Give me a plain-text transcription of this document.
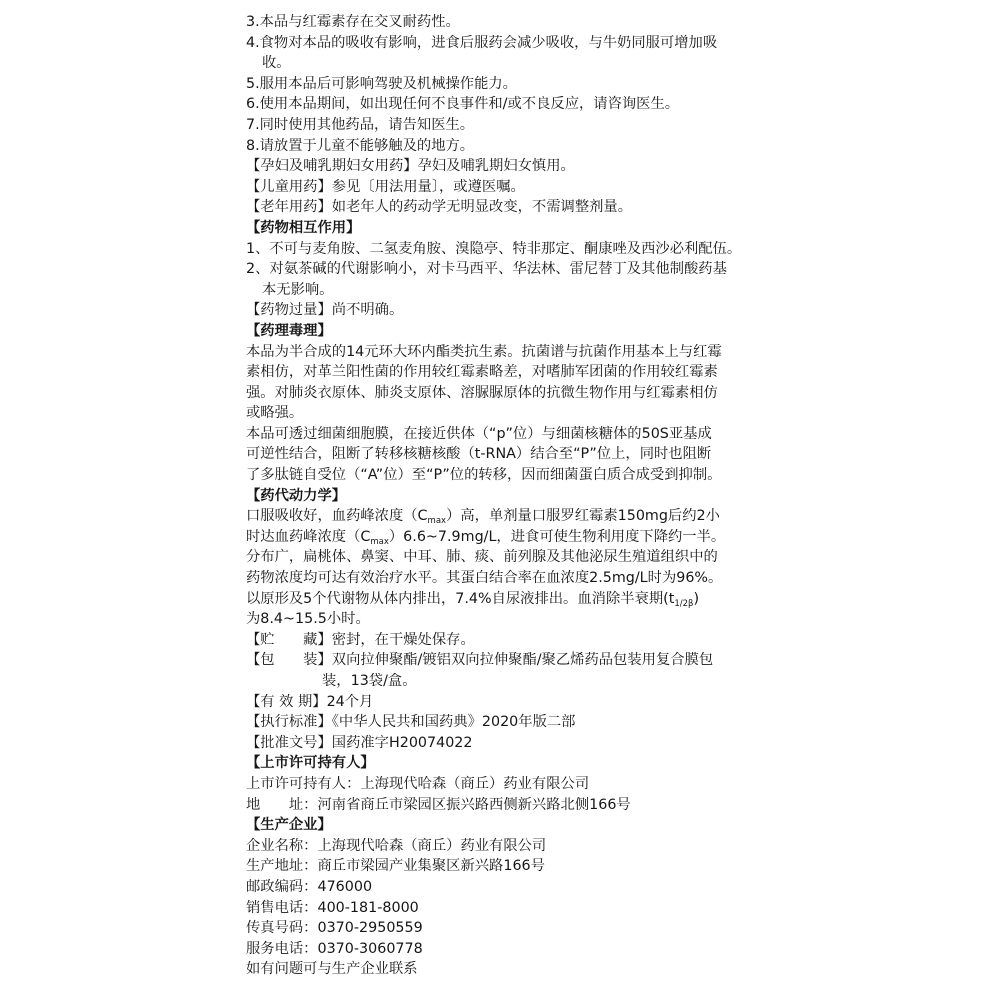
3.本品与红霉素存在交叉耐药性。
4.食物对本品的吸收有影响，进食后服药会减少吸收，与牛奶同服可增加吸
收。
5.服用本品后可影响驾驶及机械操作能力。
6.使用本品期间，如出现任何不良事件和/或不良反应，请咨询医生。
7.同时使用其他药品，请告知医生。
8.请放置于儿童不能够触及的地方。
【孕妇及哺乳期妇女用药】孕妇及哺乳期妇女慎用。
【儿童用药】参见〔用法用量〕，或遵医嘱。
【老年用药】如老年人的药动学无明显改变，不需调整剂量。
【药物相互作用】
1、不可与麦角胺、二氢麦角胺、溴隐亭、特非那定、酮康唑及西沙必利配伍。
2、对氨茶碱的代谢影响小，对卡马西平、华法林、雷尼替丁及其他制酸药基
本无影响。
【药物过量】尚不明确。
【药理毒理】
本品为半合成的14元环大环内酯类抗生素。抗菌谱与抗菌作用基本上与红霉
素相仿，对革兰阳性菌的作用较红霉素略差，对嗜肺军团菌的作用较红霉素
强。对肺炎衣原体、肺炎支原体、溶脲脲原体的抗微生物作用与红霉素相仿
或略强。
本品可透过细菌细胞膜，在接近供体（“p”位）与细菌核糖体的50S亚基成
可逆性结合，阻断了转移核糖核酸（t-RNA）结合至“P”位上，同时也阻断
了多肽链自受位（“A”位）至“P”位的转移，因而细菌蛋白质合成受到抑制。
【药代动力学】
口服吸收好，血药峰浓度$(C_{max})$高，单剂量口服罗红霉素150mg后约2小
时达血药峰浓度$(C_{max})6.6\sim 7.9mg/L$，进食可使生物利用度下降约一半。
分布广，扁桃体、鼻窦、中耳、肺、痰、前列腺及其他泌尿生殖道组织中的
药物浓度均可达有效治疗水平。其蛋白结合率在血浓度2.5mg/L时为96%。
以原形及5个代谢物从体内排出，7.4%自尿液排出。血消除半衰期$(t_{1/2\beta})$
为8.4~15.5小时。
【贮　　藏】密封，在干燥处保存。
【包　　装】双向拉伸聚酯/镀铝双向拉伸聚酯/聚乙烯药品包装用复合膜包
装，13袋/盒。
【有 效 期】24个月
【执行标准】《中华人民共和国药典》2020年版二部
【批准文号】国药准字H20074022
【上市许可持有人】
上市许可持有人：上海现代哈森（商丘）药业有限公司
地　　址：河南省商丘市梁园区振兴路西侧新兴路北侧166号
【生产企业】
企业名称：上海现代哈森（商丘）药业有限公司
生产地址：商丘市梁园产业集聚区新兴路166号
邮政编码：476000
销售电话：400-181-8000
传真号码：0370-2950559
服务电话：0370-3060778
如有问题可与生产企业联系
